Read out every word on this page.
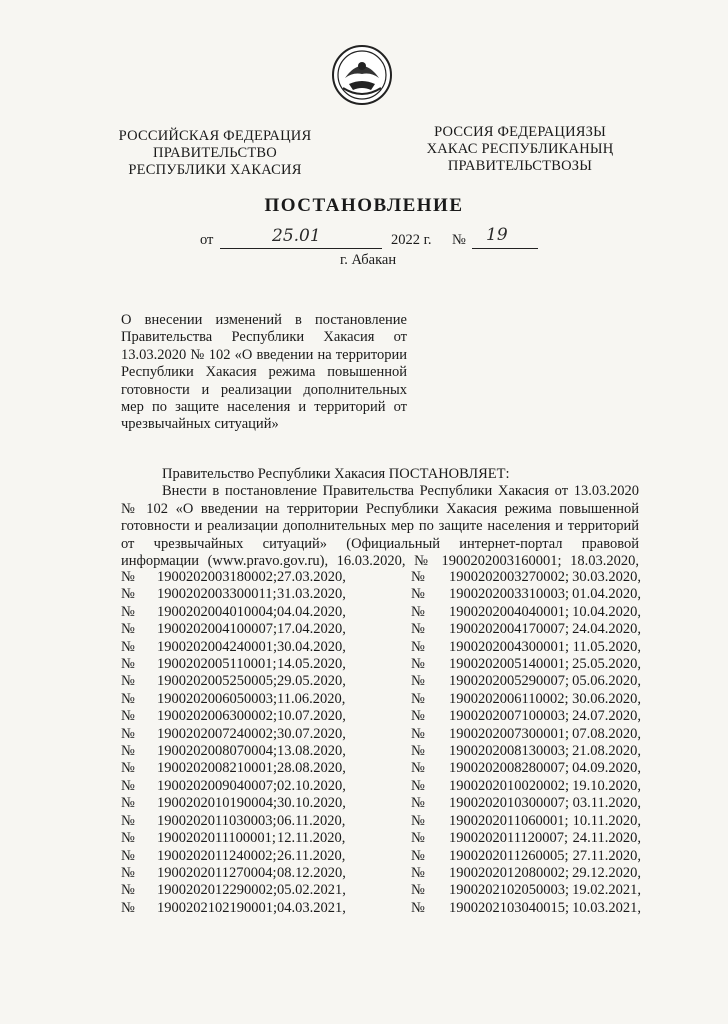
РОССИЙСКАЯ ФЕДЕРАЦИЯ
ПРАВИТЕЛЬСТВО
РЕСПУБЛИКИ ХАКАСИЯ
РОССИЯ ФЕДЕРАЦИЯЗЫ
ХАКАС РЕСПУБЛИКАНЫҢ
ПРАВИТЕЛЬСТВОЗЫ
ПОСТАНОВЛЕНИЕ
от	25.01	2022 г. № 19
г. Абакан
О внесении изменений в постановление Правительства Республики Хакасия от 13.03.2020 № 102 «О введении на территории Республики Хакасия режима повышенной готовности и реализации дополнительных мер по защите населения и территорий от чрезвычайных ситуаций»

Правительство Республики Хакасия ПОСТАНОВЛЯЕТ:

Внести в постановление Правительства Республики Хакасия от 13.03.2020 № 102 «О введении на территории Республики Хакасия режима повышенной готовности и реализации дополнительных мер по защите населения и территорий от чрезвычайных ситуаций» (Официальный интернет-портал правовой информации (www.pravo.gov.ru), 16.03.2020, № 1900202003160001; 18.03.2020,

№	1900202003180002;	27.03.2020,	№	1900202003270002;	30.03.2020,
№	1900202003300011;	31.03.2020,	№	1900202003310003;	01.04.2020,
№	1900202004010004;	04.04.2020,	№	1900202004040001;	10.04.2020,
№	1900202004100007;	17.04.2020,	№	1900202004170007;	24.04.2020,
№	1900202004240001;	30.04.2020,	№	1900202004300001;	11.05.2020,
№	1900202005110001;	14.05.2020,	№	1900202005140001;	25.05.2020,
№	1900202005250005;	29.05.2020,	№	1900202005290007;	05.06.2020,
№	1900202006050003;	11.06.2020,	№	1900202006110002;	30.06.2020,
№	1900202006300002;	10.07.2020,	№	1900202007100003;	24.07.2020,
№	1900202007240002;	30.07.2020,	№	1900202007300001;	07.08.2020,
№	1900202008070004;	13.08.2020,	№	1900202008130003;	21.08.2020,
№	1900202008210001;	28.08.2020,	№	1900202008280007;	04.09.2020,
№	1900202009040007;	02.10.2020,	№	1900202010020002;	19.10.2020,
№	1900202010190004;	30.10.2020,	№	1900202010300007;	03.11.2020,
№	1900202011030003;	06.11.2020,	№	1900202011060001;	10.11.2020,
№	1900202011100001;	12.11.2020,	№	1900202011120007;	24.11.2020,
№	1900202011240002;	26.11.2020,	№	1900202011260005;	27.11.2020,
№	1900202011270004;	08.12.2020,	№	1900202012080002;	29.12.2020,
№	1900202012290002;	05.02.2021,	№	1900202102050003;	19.02.2021,
№	1900202102190001;	04.03.2021,	№	1900202103040015;	10.03.2021,
